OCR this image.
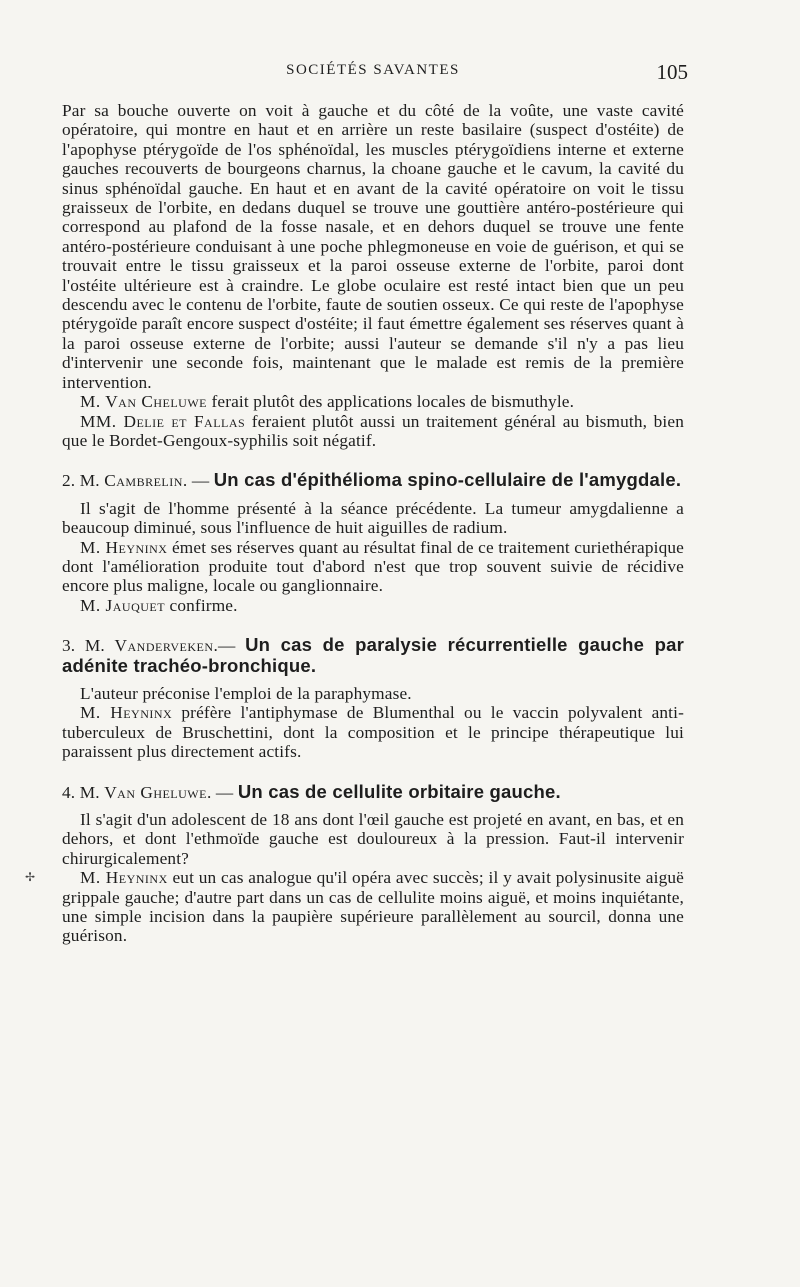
SOCIÉTÉS SAVANTES	105
✢

Par sa bouche ouverte on voit à gauche et du côté de la voûte, une vaste cavité opératoire, qui montre en haut et en arrière un reste basilaire (suspect d'ostéite) de l'apophyse ptérygoïde de l'os sphénoïdal, les muscles ptérygoïdiens interne et externe gauches recouverts de bourgeons charnus, la choane gauche et le cavum, la cavité du sinus sphénoïdal gauche. En haut et en avant de la cavité opératoire on voit le tissu graisseux de l'orbite, en dedans duquel se trouve une gouttière antéro-postérieure qui correspond au plafond de la fosse nasale, et en dehors duquel se trouve une fente antéro-postérieure conduisant à une poche phlegmoneuse en voie de guérison, et qui se trouvait entre le tissu graisseux et la paroi osseuse externe de l'orbite, paroi dont l'ostéite ultérieure est à craindre. Le globe oculaire est resté intact bien que un peu descendu avec le contenu de l'orbite, faute de soutien osseux. Ce qui reste de l'apophyse ptérygoïde paraît encore suspect d'ostéite; il faut émettre également ses réserves quant à la paroi osseuse externe de l'orbite; aussi l'auteur se demande s'il n'y a pas lieu d'intervenir une seconde fois, maintenant que le malade est remis de la première intervention.

M. Van Cheluwe ferait plutôt des applications locales de bismuthyle.

MM. Delie et Fallas feraient plutôt aussi un traitement général au bismuth, bien que le Bordet-Gengoux-syphilis soit négatif.

2. M. Cambrelin. — Un cas d'épithélioma spino-cellulaire de l'amygdale.

Il s'agit de l'homme présenté à la séance précédente. La tumeur amygdalienne a beaucoup diminué, sous l'influence de huit aiguilles de radium.

M. Heyninx émet ses réserves quant au résultat final de ce traitement curiethérapique dont l'amélioration produite tout d'abord n'est que trop souvent suivie de récidive encore plus maligne, locale ou ganglionnaire.

M. Jauquet confirme.

3. M. Vanderveken.— Un cas de paralysie récurrentielle gauche par adénite trachéo-bronchique.

L'auteur préconise l'emploi de la paraphymase.

M. Heyninx préfère l'antiphymase de Blumenthal ou le vaccin polyvalent anti-tuberculeux de Bruschettini, dont la composition et le principe thérapeutique lui paraissent plus directement actifs.

4. M. Van Gheluwe. — Un cas de cellulite orbitaire gauche.

Il s'agit d'un adolescent de 18 ans dont l'œil gauche est projeté en avant, en bas, et en dehors, et dont l'ethmoïde gauche est douloureux à la pression. Faut-il intervenir chirurgicalement?

M. Heyninx eut un cas analogue qu'il opéra avec succès; il y avait polysinusite aiguë grippale gauche; d'autre part dans un cas de cellulite moins aiguë, et moins inquiétante, une simple incision dans la paupière supérieure parallèlement au sourcil, donna une guérison.
